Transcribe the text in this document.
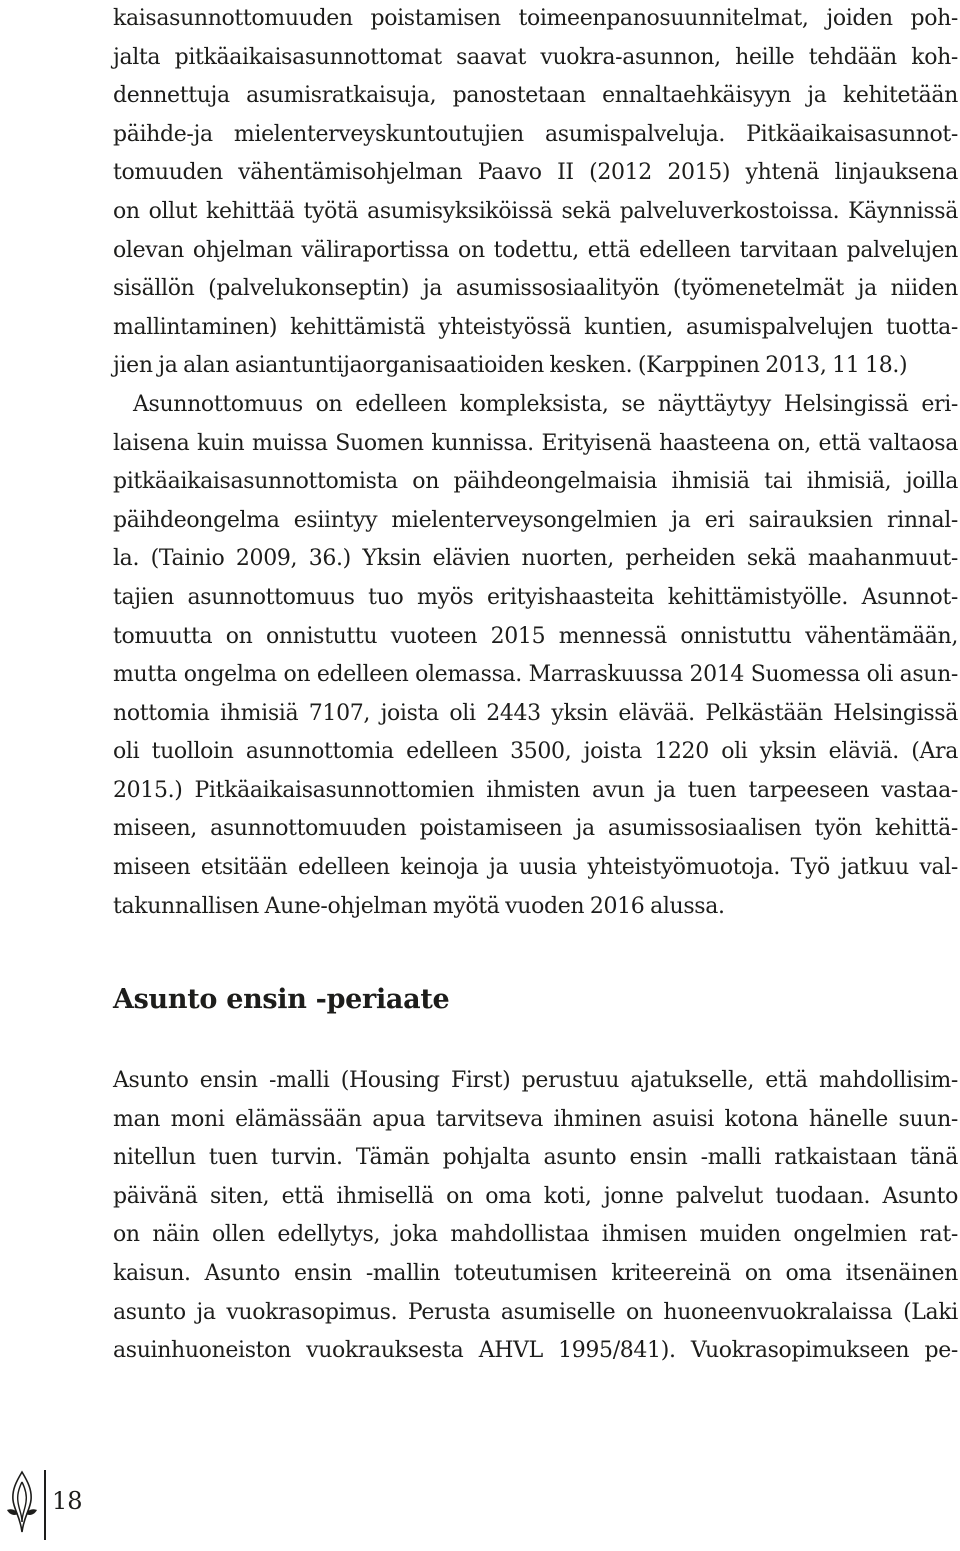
kaisasunnottomuuden poistamisen toimeenpanosuunnitelmat, joiden poh-
jalta pitkäaikaisasunnottomat saavat vuokra-asunnon, heille tehdään koh-
dennettuja asumisratkaisuja, panostetaan ennaltaehkäisyyn ja kehitetään
päihde-ja mielenterveyskuntoutujien asumispalveluja. Pitkäaikaisasunnot-
tomuuden vähentämisohjelman Paavo II (2012 2015) yhtenä linjauksena
on ollut kehittää työtä asumisyksiköissä sekä palveluverkostoissa. Käynnissä
olevan ohjelman väliraportissa on todettu, että edelleen tarvitaan palvelujen
sisällön (palvelukonseptin) ja asumissosiaalityön (työmenetelmät ja niiden
mallintaminen) kehittämistä yhteistyössä kuntien, asumispalvelujen tuotta-
jien ja alan asiantuntijaorganisaatioiden kesken. (Karppinen 2013, 11 18.)
Asunnottomuus on edelleen kompleksista, se näyttäytyy Helsingissä eri-
laisena kuin muissa Suomen kunnissa. Erityisenä haasteena on, että valtaosa
pitkäaikaisasunnottomista on päihdeongelmaisia ihmisiä tai ihmisiä, joilla
päihdeongelma esiintyy mielenterveysongelmien ja eri sairauksien rinnal-
la. (Tainio 2009, 36.) Yksin elävien nuorten, perheiden sekä maahanmuut-
tajien asunnottomuus tuo myös erityishaasteita kehittämistyölle. Asunnot-
tomuutta on onnistuttu vuoteen 2015 mennessä onnistuttu vähentämään,
mutta ongelma on edelleen olemassa. Marraskuussa 2014 Suomessa oli asun-
nottomia ihmisiä 7107, joista oli 2443 yksin elävää. Pelkästään Helsingissä
oli tuolloin asunnottomia edelleen 3500, joista 1220 oli yksin eläviä. (Ara
2015.) Pitkäaikaisasunnottomien ihmisten avun ja tuen tarpeeseen vastaa-
miseen, asunnottomuuden poistamiseen ja asumissosiaalisen työn kehittä-
miseen etsitään edelleen keinoja ja uusia yhteistyömuotoja. Työ jatkuu val-
takunnallisen Aune-ohjelman myötä vuoden 2016 alussa.
Asunto ensin -periaate
Asunto ensin -malli (Housing First) perustuu ajatukselle, että mahdollisim-
man moni elämässään apua tarvitseva ihminen asuisi kotona hänelle suun-
nitellun tuen turvin. Tämän pohjalta asunto ensin -malli ratkaistaan tänä
päivänä siten, että ihmisellä on oma koti, jonne palvelut tuodaan. Asunto
on näin ollen edellytys, joka mahdollistaa ihmisen muiden ongelmien rat-
kaisun. Asunto ensin -mallin toteutumisen kriteereinä on oma itsenäinen
asunto ja vuokrasopimus. Perusta asumiselle on huoneenvuokralaissa (Laki
asuinhuoneiston vuokrauksesta AHVL 1995/841). Vuokrasopimukseen pe-
18
